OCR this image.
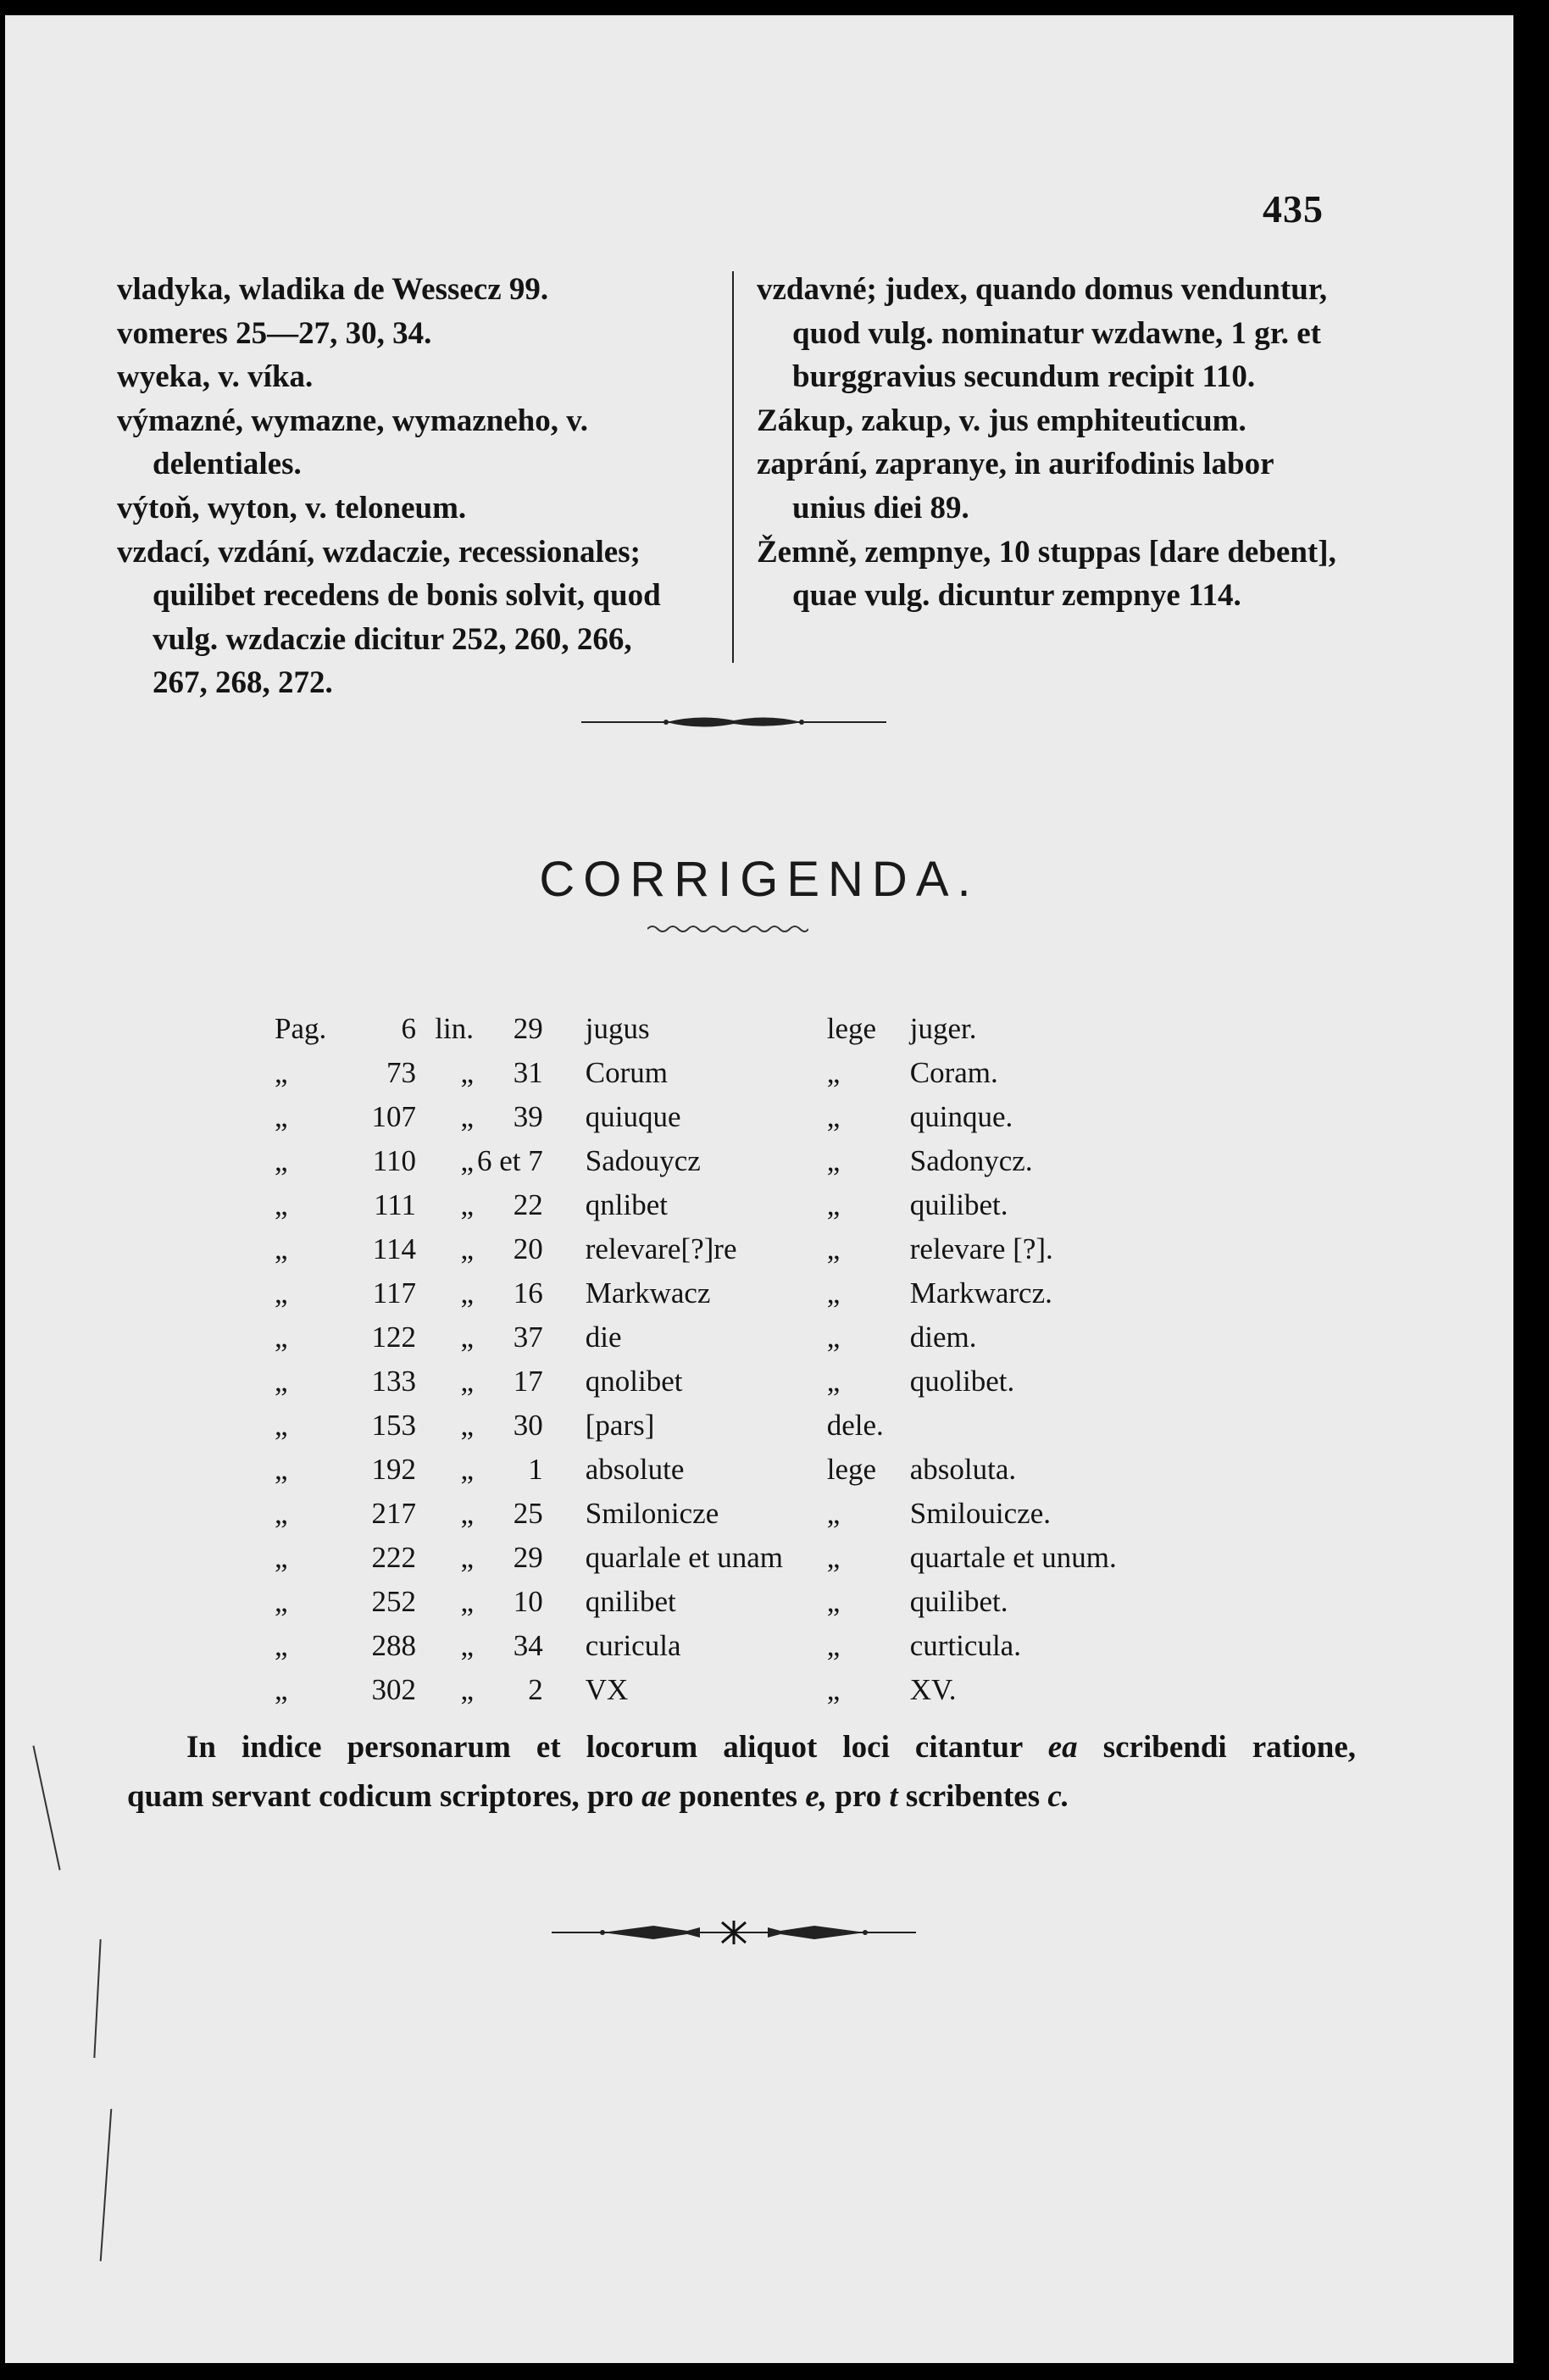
435

vladyka, wladika de Wessecz 99.

vomeres 25—27, 30, 34.

wyeka, v. víka.

výmazné, wymazne, wymazneho, v. delentiales.

výtoň, wyton, v. teloneum.

vzdací, vzdání, wzdaczie, recessionales; quilibet recedens de bonis solvit, quod vulg. wzdaczie dicitur 252, 260, 266, 267, 268, 272.

vzdavné; judex, quando domus venduntur, quod vulg. nominatur wzdawne, 1 gr. et burggravius secundum recipit 110.

Zákup, zakup, v. jus emphiteuticum.

zaprání, zapranye, in aurifodinis labor unius diei 89.

Žemně, zempnye, 10 stuppas [dare debent], quae vulg. dicuntur zempnye 114.

CORRIGENDA.
Pag.	6	lin.	29	jugus	lege	juger.
„	73	„	31	Corum	„	Coram.
„	107	„	39	quiuque	„	quinque.
„	110	„	6 et 7	Sadouycz	„	Sadonycz.
„	111	„	22	qnlibet	„	quilibet.
„	114	„	20	relevare[?]re	„	relevare [?].
„	117	„	16	Markwacz	„	Markwarcz.
„	122	„	37	die	„	diem.
„	133	„	17	qnolibet	„	quolibet.
„	153	„	30	[pars]	dele.	
„	192	„	1	absolute	lege	absoluta.
„	217	„	25	Smilonicze	„	Smilouicze.
„	222	„	29	quarlale et unam	„	quartale et unum.
„	252	„	10	qnilibet	„	quilibet.
„	288	„	34	curicula	„	curticula.
„	302	„	2	VX	„	XV.
In indice personarum et locorum aliquot loci citantur ea scribendi ratione,
quam servant codicum scriptores, pro ae ponentes e, pro t scribentes c.
